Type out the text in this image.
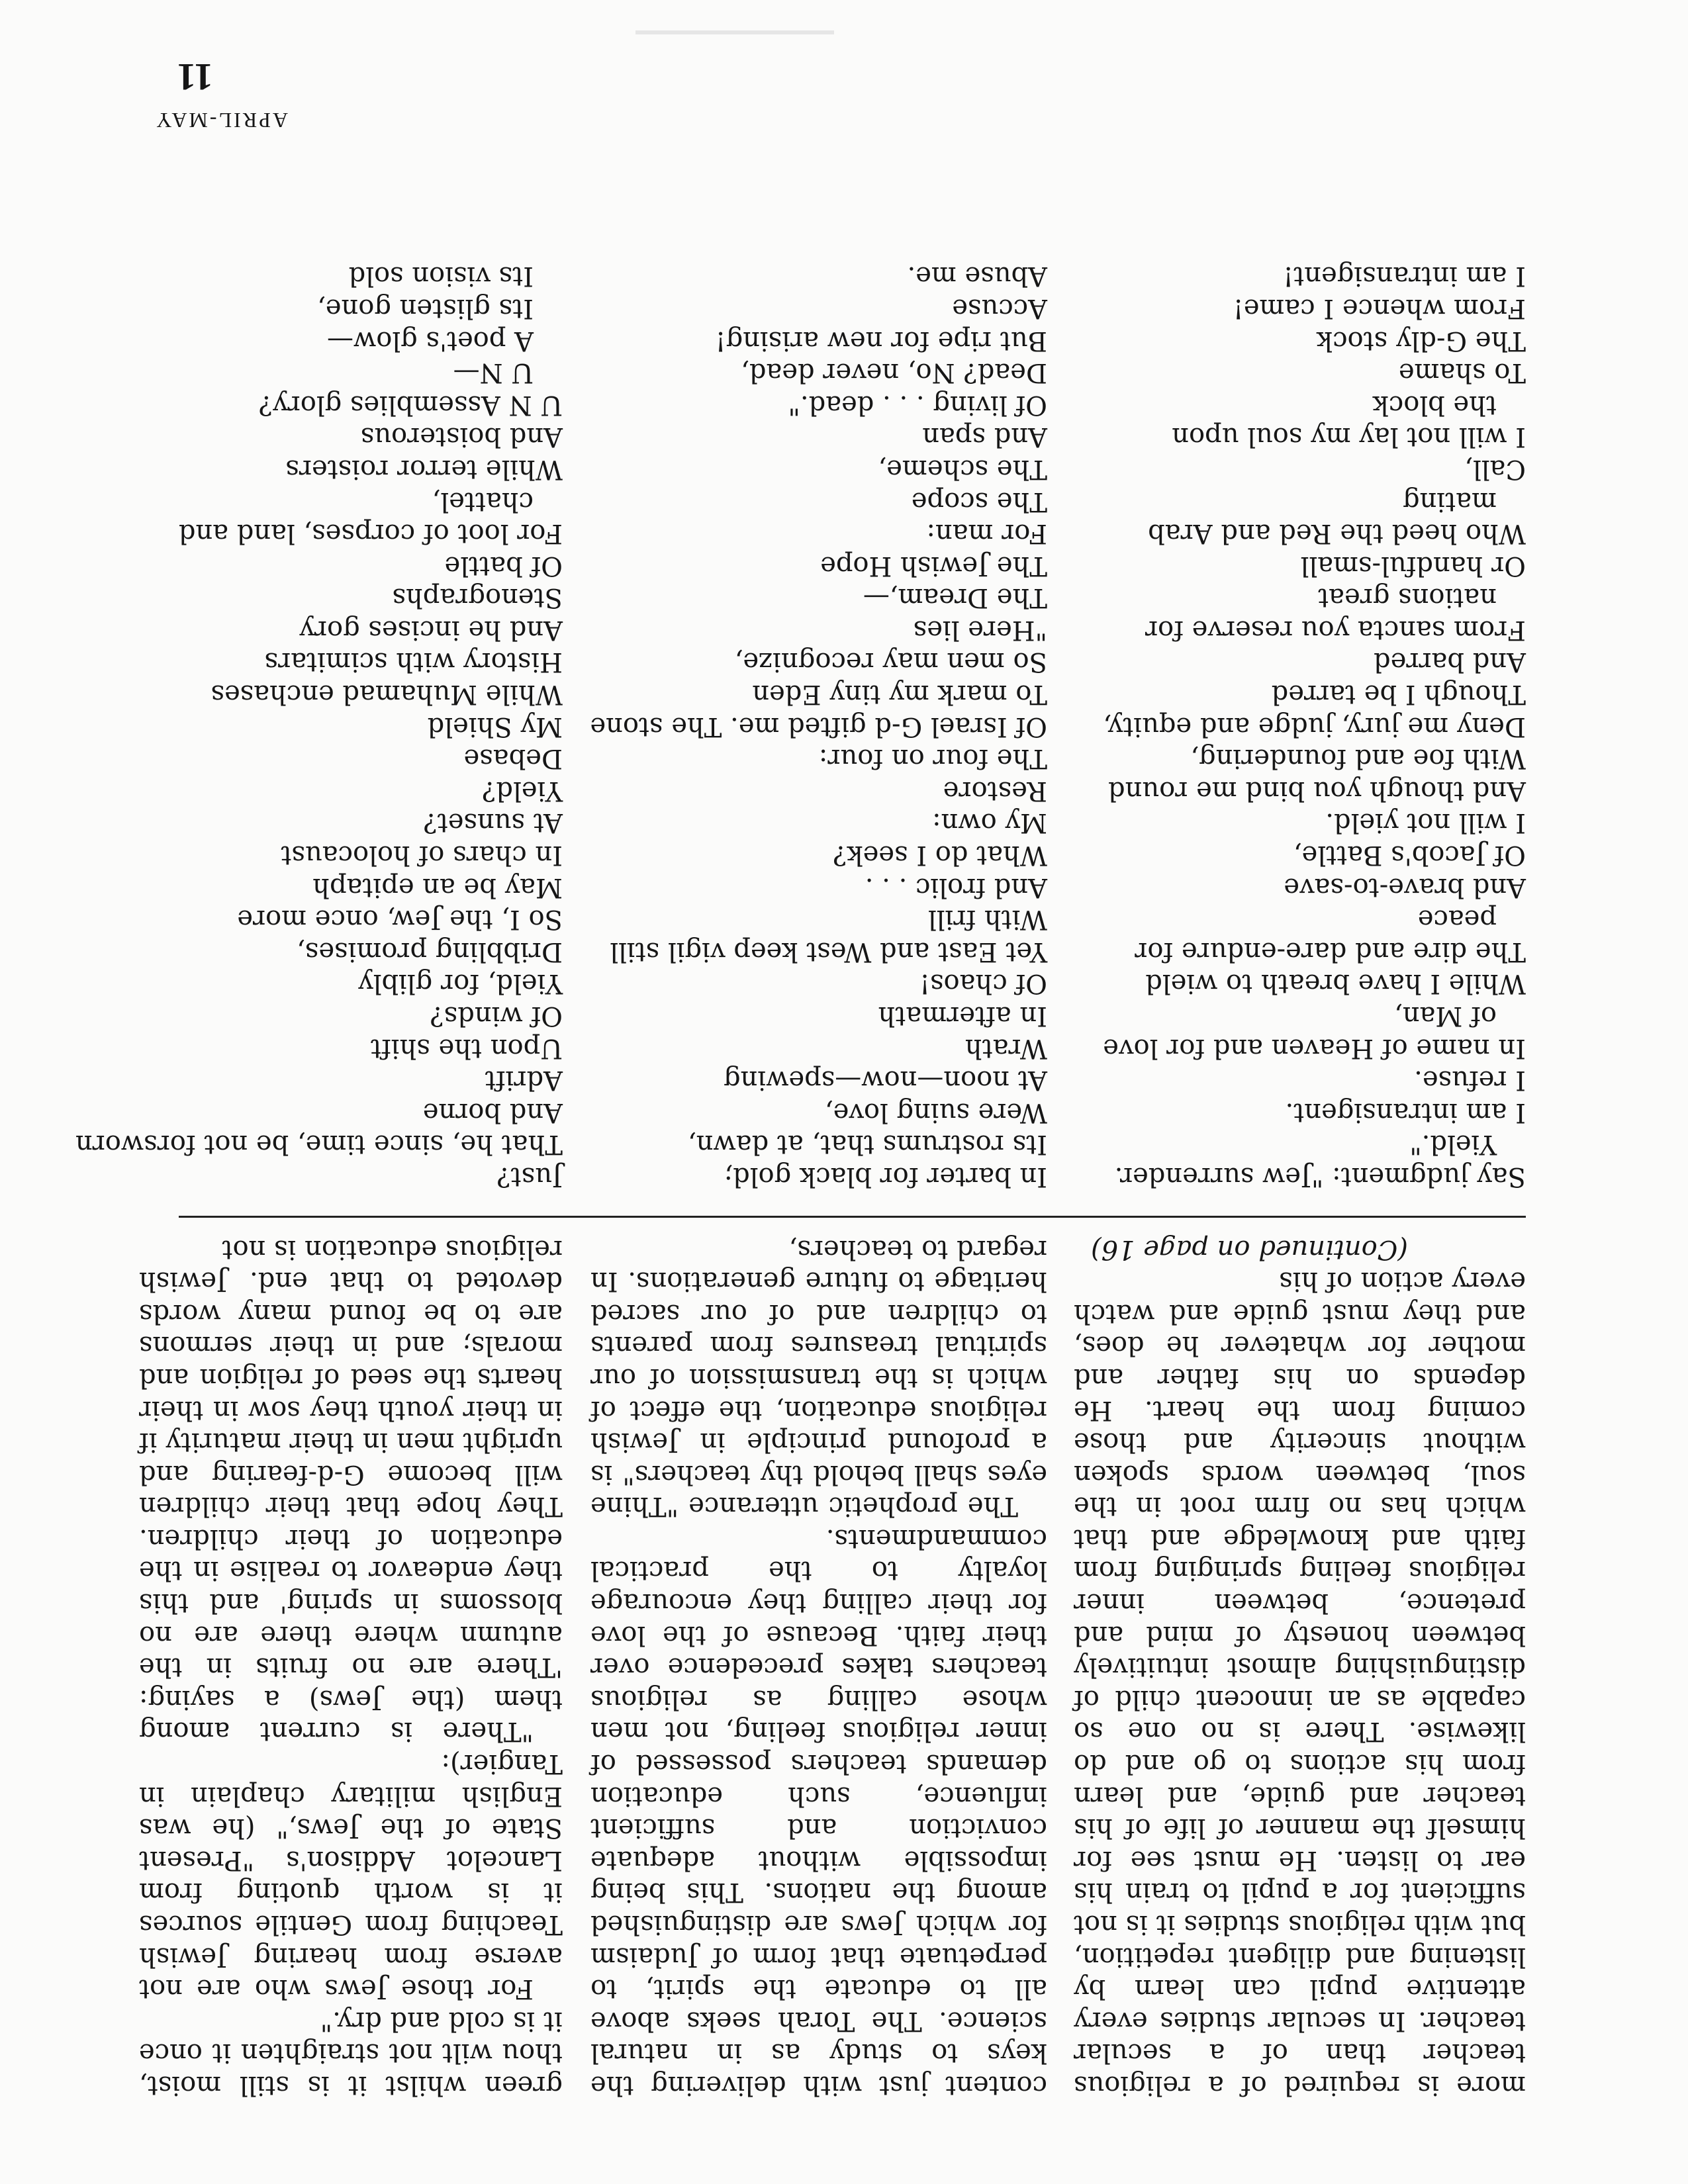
more is required of a religious teacher than of a secular teacher. In secular studies every attentive pupil can learn by listening and diligent repetition, but with religious studies it is not sufficient for a pupil to train his ear to listen. He must see for himself the manner of life of his teacher and guide, and learn from his actions to go and do likewise. There is no one so capable as an innocent child of distinguishing almost intuitively between honesty of mind and pretence, between inner religious feeling springing from faith and knowledge and that which has no firm root in the soul, between words spoken without sincerity and those coming from the heart. He depends on his father and mother for whatever he does, and they must guide and watch every action of his

(Continued on page 16)

content just with delivering the keys to study as in natural science. The Torah seeks above all to educate the spirit, to perpetuate that form of Judaism for which Jews are distinguished among the nations. This being impossible without adequate conviction and sufficient influence, such education demands teachers possessed of inner religious feeling, not men whose calling as religious teachers takes precedence over their faith. Because of the love for their calling they encourage loyalty to the practical commandments.

The prophetic utterance "Thine eyes shall behold thy teachers" is a profound principle in Jewish religious education, the effect of which is the transmission of our spiritual treasures from parents to children and of our sacred heritage to future generations. In regard to teachers,

green whilst it is still moist, thou wilt not straighten it once it is cold and dry."

For those Jews who are not averse from hearing Jewish Teaching from Gentile sources it is worth quoting from Lancelot Addison's "Present State of the Jews," (he was English military chaplain in Tangier):

"There is current among them (the Jews) a saying: 'There are no fruits in the autumn where there are no blossoms in spring' and this they endeavor to realise in the education of their children. They hope that their children will become G-d-fearing and upright men in their maturity if in their youth they sow in their hearts the seed of religion and morals; and in their sermons are to be found many words devoted to that end. Jewish religious education is not

Say judgment: "Jew surrender.
Yield."
I am intransigent.
I refuse.
In name of Heaven and for love
of Man,
While I have breath to wield
The dire and dare-endure for
peace
And brave-to-save
Of Jacob's Battle,
I will not yield.
And though you bind me round
With foe and foundering,
Deny me jury, judge and equity,
Though I be tarred
And barred
From sancta you reserve for
nations great
Or handful-small
Who heed the Red and Arab
mating
Call,
I will not lay my soul upon
the block
To shame
The G-dly stock
From whence I came!
I am intransigent!
In barter for black gold;
Its rostrums that, at dawn,
Were suing love,
At noon—now—spewing
Wrath
In aftermath
Of chaos!
Yet East and West keep vigil still
With frill
And frolic . . .
What do I seek?
My own:
Restore
The four on four:
Of Israel G-d gifted me. The stone
To mark my tiny Eden
So men may recognize,
"Here lies
The Dream,—
The Jewish Hope
For man:
The scope
The scheme,
And span
Of living . . . dead."
Dead? No, never dead,
But ripe for new arising!
Accuse
Abuse me.
Just?
That he, since time, be not forsworn
And borne
Adrift
Upon the shift
Of winds?
Yield, for glibly
Dribbling promises,
So I, the Jew, once more
May be an epitaph
In chars of holocaust
At sunset?
Yield?
Debase
My Shield
While Muhamad enchases
History with scimitars
And he incises gory
Stenographs
Of battle
For loot of corpses, land and
chattel,
While terror roisters
And boisterous
U N Assemblies glory?
U N—
A poet's glow—
Its glisten gone,
Its vision sold
APRIL-MAY
11
